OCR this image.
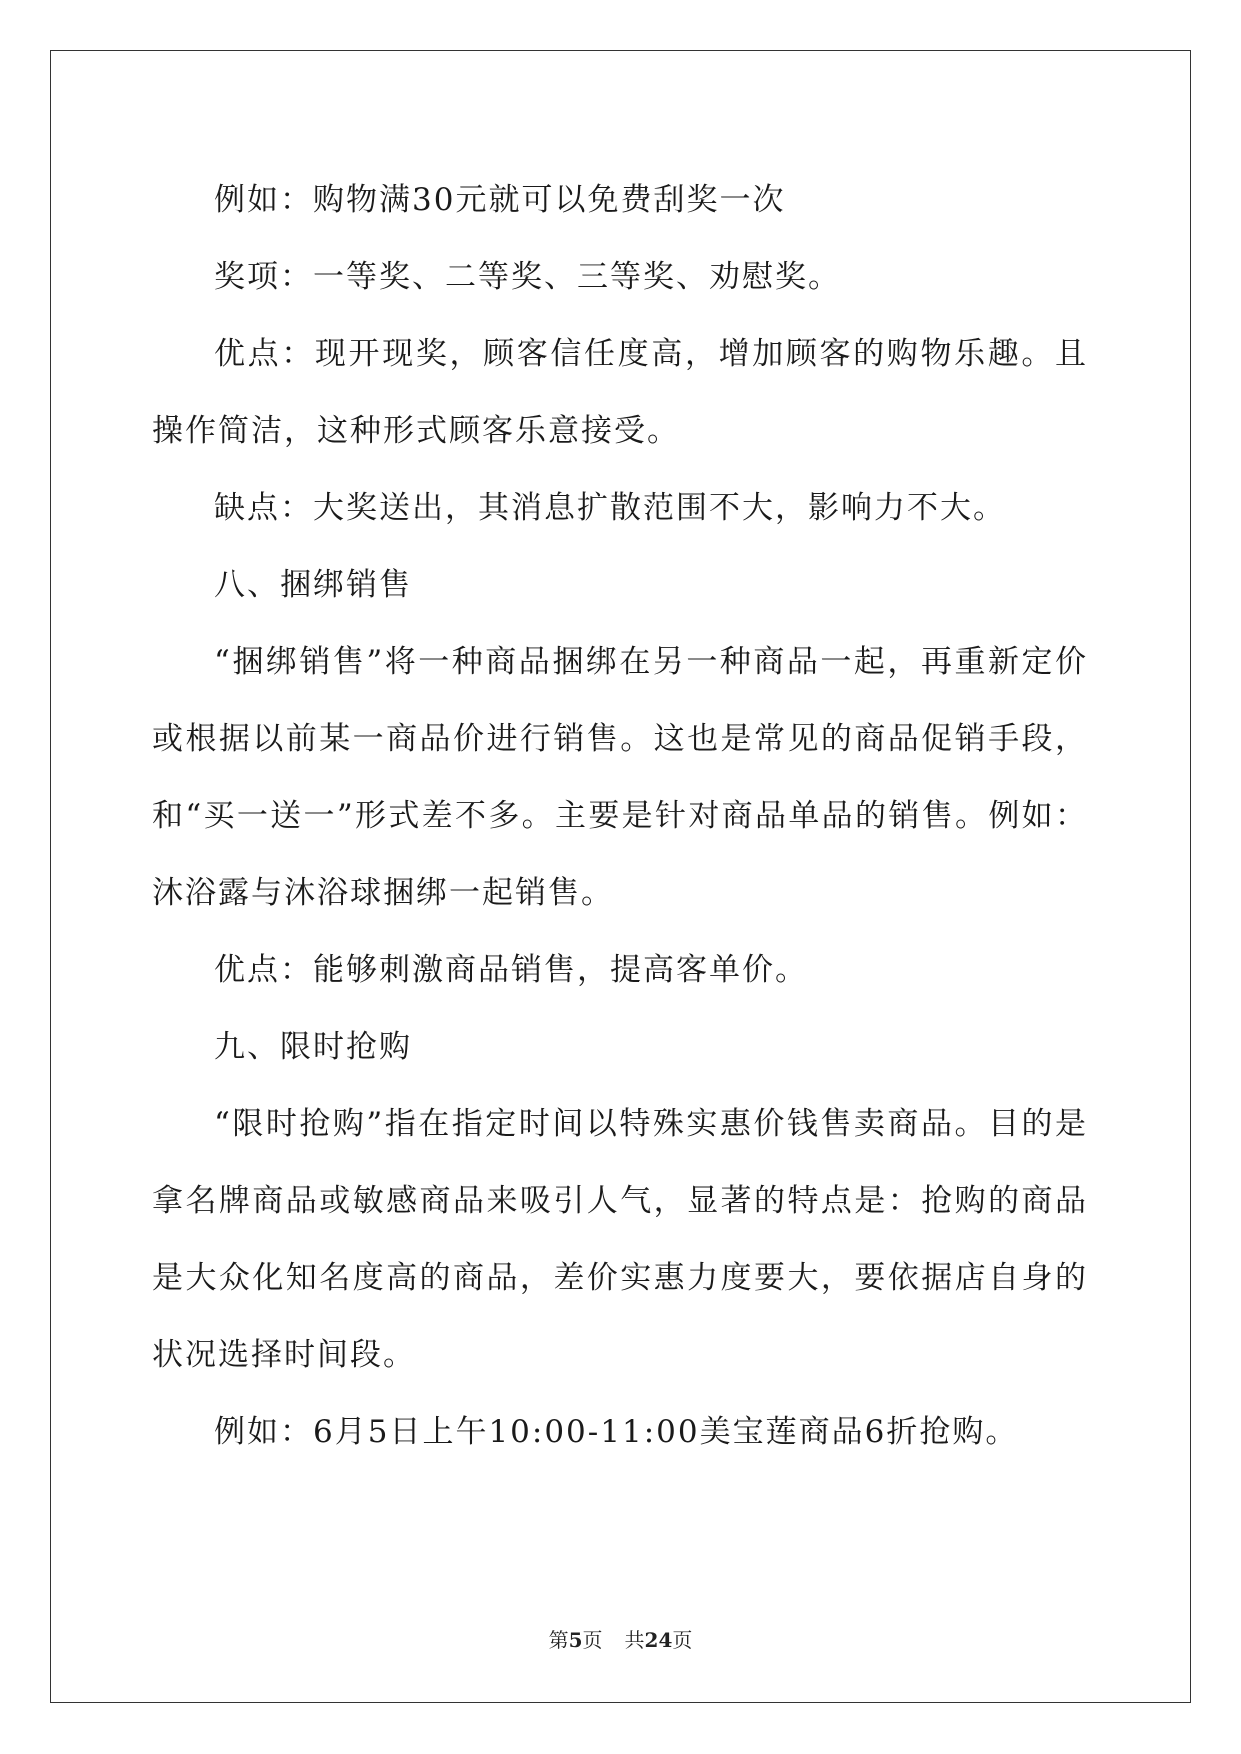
例如：购物满30元就可以免费刮奖一次

奖项：一等奖、二等奖、三等奖、劝慰奖。

优点：现开现奖，顾客信任度高，增加顾客的购物乐趣。且操作简洁，这种形式顾客乐意接受。

缺点：大奖送出，其消息扩散范围不大，影响力不大。

八、捆绑销售

“捆绑销售”将一种商品捆绑在另一种商品一起，再重新定价或根据以前某一商品价进行销售。这也是常见的商品促销手段，和“买一送一”形式差不多。主要是针对商品单品的销售。例如：沐浴露与沐浴球捆绑一起销售。

优点：能够刺激商品销售，提高客单价。

九、限时抢购

“限时抢购”指在指定时间以特殊实惠价钱售卖商品。目的是拿名牌商品或敏感商品来吸引人气，显著的特点是：抢购的商品是大众化知名度高的商品，差价实惠力度要大，要依据店自身的状况选择时间段。

例如：6月5日上午10:00-11:00美宝莲商品6折抢购。

第5页 共24页
